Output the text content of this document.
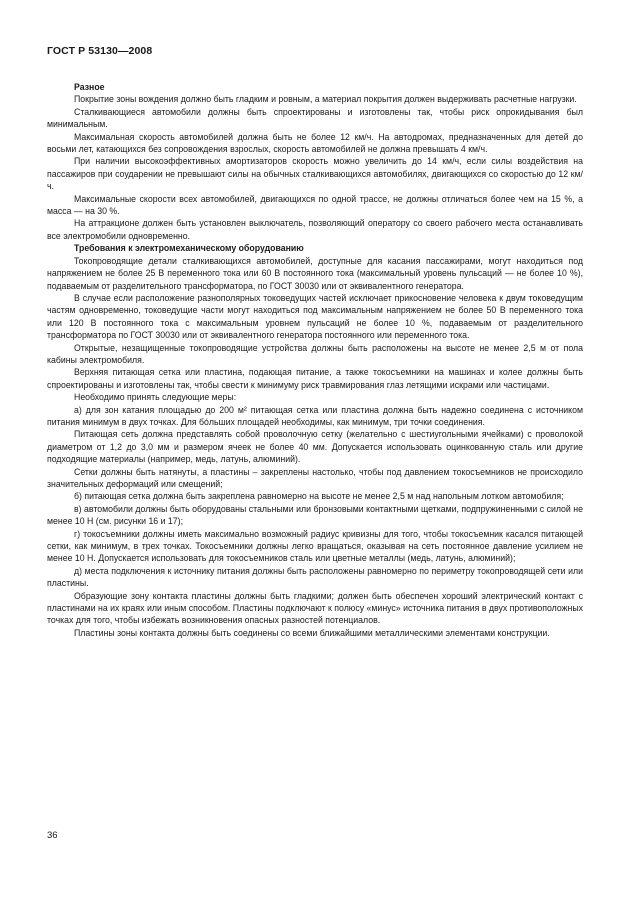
ГОСТ Р 53130—2008

Разное

Покрытие зоны вождения должно быть гладким и ровным, а материал покрытия должен выдерживать расчетные нагрузки.

Сталкивающиеся автомобили должны быть спроектированы и изготовлены так, чтобы риск опрокидывания был минимальным.

Максимальная скорость автомобилей должна быть не более 12 км/ч. На автодромах, предназначенных для детей до восьми лет, катающихся без сопровождения взрослых, скорость автомобилей не должна превышать 4 км/ч.

При наличии высокоэффективных амортизаторов скорость можно увеличить до 14 км/ч, если силы воздействия на пассажиров при соударении не превышают силы на обычных сталкивающихся автомобилях, двигающихся со скоростью до 12 км/ч.

Максимальные скорости всех автомобилей, двигающихся по одной трассе, не должны отличаться более чем на 15 %, а масса — на 30 %.

На аттракционе должен быть установлен выключатель, позволяющий оператору со своего рабочего места останавливать все электромобили одновременно.

Требования к электромеханическому оборудованию

Токопроводящие детали сталкивающихся автомобилей, доступные для касания пассажирами, могут находиться под напряжением не более 25 В переменного тока или 60 В постоянного тока (максимальный уровень пульсаций — не более 10 %), подаваемым от разделительного трансформатора, по ГОСТ 30030 или от эквивалентного генератора.

В случае если расположение разнополярных токоведущих частей исключает прикосновение человека к двум токоведущим частям одновременно, токоведущие части могут находиться под максимальным напряжением не более 50 В переменного тока или 120 В постоянного тока с максимальным уровнем пульсаций не более 10 %, подаваемым от разделительного трансформатора по ГОСТ 30030 или от эквивалентного генератора постоянного или переменного тока.

Открытые, незащищенные токопроводящие устройства должны быть расположены на высоте не менее 2,5 м от пола кабины электромобиля.

Верхняя питающая сетка или пластина, подающая питание, а также токосъемники на машинах и колее должны быть спроектированы и изготовлены так, чтобы свести к минимуму риск травмирования глаз летящими искрами или частицами.

Необходимо принять следующие меры:

а) для зон катания площадью до 200 м² питающая сетка или пластина должна быть надежно соединена с источником питания минимум в двух точках. Для бóльших площадей необходимы, как минимум, три точки соединения.

Питающая сеть должна представлять собой проволочную сетку (желательно с шестиугольными ячейками) с проволокой диаметром от 1,2 до 3,0 мм и размером ячеек не более 40 мм. Допускается использовать оцинкованную сталь или другие подходящие материалы (например, медь, латунь, алюминий).

Сетки должны быть натянуты, а пластины – закреплены настолько, чтобы под давлением токосъемников не происходило значительных деформаций или смещений;

б) питающая сетка должна быть закреплена равномерно на высоте не менее 2,5 м над напольным лотком автомобиля;

в) автомобили должны быть оборудованы стальными или бронзовыми контактными щетками, подпружиненными с силой не менее 10 Н (см. рисунки 16 и 17);

г) токосъемники должны иметь максимально возможный радиус кривизны для того, чтобы токосъемник касался питающей сетки, как минимум, в трех точках. Токосъемники должны легко вращаться, оказывая на сеть постоянное давление усилием не менее 10 Н. Допускается использовать для токосъемников сталь или цветные металлы (медь, латунь, алюминий);

д) места подключения к источнику питания должны быть расположены равномерно по периметру токопроводящей сети или пластины.

Образующие зону контакта пластины должны быть гладкими; должен быть обеспечен хороший электрический контакт с пластинами на их краях или иным способом. Пластины подключают к полюсу «минус» источника питания в двух противоположных точках для того, чтобы избежать возникновения опасных разностей потенциалов.

Пластины зоны контакта должны быть соединены со всеми ближайшими металлическими элементами конструкции.

36
